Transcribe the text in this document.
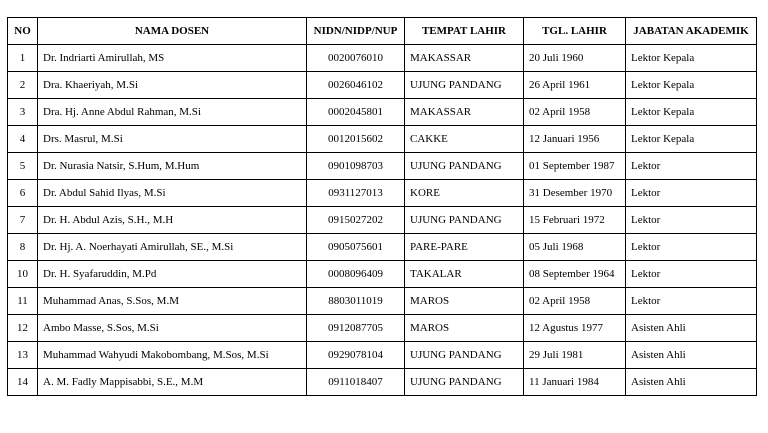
NO	NAMA DOSEN	NIDN/NIDP/NUP	TEMPAT LAHIR	TGL. LAHIR	JABATAN AKADEMIK
1	Dr. Indriarti Amirullah, MS	0020076010	MAKASSAR	20 Juli 1960	Lektor Kepala
2	Dra. Khaeriyah, M.Si	0026046102	UJUNG PANDANG	26 April 1961	Lektor Kepala
3	Dra. Hj. Anne Abdul Rahman, M.Si	0002045801	MAKASSAR	02 April 1958	Lektor Kepala
4	Drs. Masrul, M.Si	0012015602	CAKKE	12 Januari 1956	Lektor Kepala
5	Dr. Nurasia Natsir, S.Hum, M.Hum	0901098703	UJUNG PANDANG	01 September 1987	Lektor
6	Dr. Abdul Sahid Ilyas, M.Si	0931127013	KORE	31 Desember 1970	Lektor
7	Dr. H. Abdul Azis, S.H., M.H	0915027202	UJUNG PANDANG	15 Februari 1972	Lektor
8	Dr. Hj. A. Noerhayati Amirullah, SE., M.Si	0905075601	PARE-PARE	05 Juli 1968	Lektor
10	Dr. H. Syafaruddin, M.Pd	0008096409	TAKALAR	08 September 1964	Lektor
11	Muhammad Anas, S.Sos, M.M	8803011019	MAROS	02 April 1958	Lektor
12	Ambo Masse, S.Sos, M.Si	0912087705	MAROS	12 Agustus 1977	Asisten Ahli
13	Muhammad Wahyudi Makobombang, M.Sos, M.Si	0929078104	UJUNG PANDANG	29 Juli 1981	Asisten Ahli
14	A. M. Fadly Mappisabbi, S.E., M.M	0911018407	UJUNG PANDANG	11 Januari 1984	Asisten Ahli
